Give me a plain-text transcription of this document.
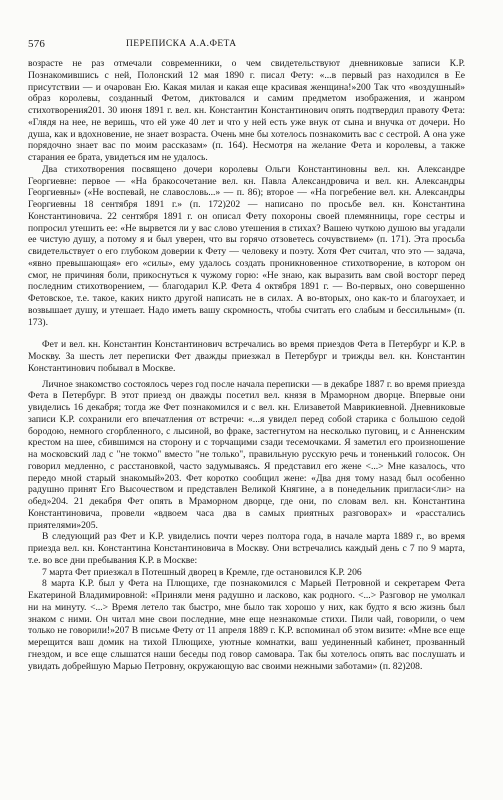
576	ПЕРЕПИСКА А.А.ФЕТА

возрасте не раз отмечали современники, о чем свидетельствуют дневниковые записи К.Р. Познакомившись с ней, Полонский 12 мая 1890 г. писал Фету: «...в первый раз находился в Ее присутствии — и очарован Ею. Какая милая и какая еще красивая женщина!»200 Так что «воздушный» образ королевы, созданный Фетом, диктовался и самим предметом изображения, и жанром стихотворения201. 30 июня 1891 г. вел. кн. Константин Константинович опять подтвердил правоту Фета: «Глядя на нее, не веришь, что ей уже 40 лет и что у ней есть уже внук от сына и внучка от дочери. Но душа, как и вдохновение, не знает возраста. Очень мне бы хотелось познакомить вас с сестрой. А она уже порядочно знает вас по моим рассказам» (п. 164). Несмотря на желание Фета и королевы, а также старания ее брата, увидеться им не удалось.

Два стихотворения посвящено дочери королевы Ольги Константиновны вел. кн. Александре Георгиевне: первое — «На бракосочетание вел. кн. Павла Александровича и вел. кн. Александры Георгиевны» («Не воспевай, не славословь...» — п. 86); второе — «На погребение вел. кн. Александры Георгиевны 18 сентября 1891 г.» (п. 172)202 — написано по просьбе вел. кн. Константина Константиновича. 22 сентября 1891 г. он описал Фету похороны своей племянницы, горе сестры и попросил утешить ее: «Не вырвется ли у вас слово утешения в стихах? Вашею чуткою душою вы угадали ее чистую душу, а потому я и был уверен, что вы горячо отзоветесь сочувствием» (п. 171). Эта просьба свидетельствует о его глубоком доверии к Фету — человеку и поэту. Хотя Фет считал, что это — задача, «явно превышающая» его «силы», ему удалось создать проникновенное стихотворение, в котором он смог, не причиняя боли, прикоснуться к чужому горю: «Не знаю, как выразить вам свой восторг перед последним стихотворением, — благодарил К.Р. Фета 4 октября 1891 г. — Во-первых, оно совершенно Фетовское, т.е. такое, каких никто другой написать не в силах. А во-вторых, оно как-то и благоухает, и возвышает душу, и утешает. Надо иметь вашу скромность, чтобы считать его слабым и бессильным» (п. 173).

Фет и вел. кн. Константин Константинович встречались во время приездов Фета в Петербург и К.Р. в Москву. За шесть лет переписки Фет дважды приезжал в Петербург и трижды вел. кн. Константин Константинович побывал в Москве.

Личное знакомство состоялось через год после начала переписки — в декабре 1887 г. во время приезда Фета в Петербург. В этот приезд он дважды посетил вел. князя в Мраморном дворце. Впервые они увиделись 16 декабря; тогда же Фет познакомился и с вел. кн. Елизаветой Маврикиевной. Дневниковые записи К.Р. сохранили его впечатления от встречи: «...я увидел перед собой старика с большою седой бородою, немного сгорбленного, с лысиной, во фраке, застегнутом на несколько пуговиц, и с Анненским крестом на шее, сбившимся на сторону и с торчащими сзади тесемочками. Я заметил его произношение на московский лад с "не токмо" вместо "не только", правильную русскую речь и тоненький голосок. Он говорил медленно, с расстановкой, часто задумываясь. Я представил его жене <...> Мне казалось, что передо мной старый знакомый»203. Фет коротко сообщил жене: «Два дня тому назад был особенно радушно принят Его Высочеством и представлен Великой Княгине, а в понедельник пригласи<ли> на обед»204. 21 декабря Фет опять в Мраморном дворце, где они, по словам вел. кн. Константина Константиновича, провели «вдвоем часа два в самых приятных разговорах» и «расстались приятелями»205.

В следующий раз Фет и К.Р. увиделись почти через полтора года, в начале марта 1889 г., во время приезда вел. кн. Константина Константиновича в Москву. Они встречались каждый день с 7 по 9 марта, т.е. во все дни пребывания К.Р. в Москве:

7 марта Фет приезжал в Потешный дворец в Кремле, где остановился К.Р. 206

8 марта К.Р. был у Фета на Плющихе, где познакомился с Марьей Петровной и секретарем Фета Екатериной Владимировной: «Приняли меня радушно и ласково, как родного. <...> Разговор не умолкал ни на минуту. <...> Время летело так быстро, мне было так хорошо у них, как будто я всю жизнь был знаком с ними. Он читал мне свои последние, мне еще незнакомые стихи. Пили чай, говорили, о чем только не говорили!»207 В письме Фету от 11 апреля 1889 г. К.Р. вспоминал об этом визите: «Мне все еще мерещится ваш домик на тихой Плющихе, уютные комнатки, ваш уединенный кабинет, прозванный гнездом, и все еще слышатся наши беседы под говор самовара. Так бы хотелось опять вас послушать и увидать добрейшую Марью Петровну, окружающую вас своими нежными заботами» (п. 82)208.
